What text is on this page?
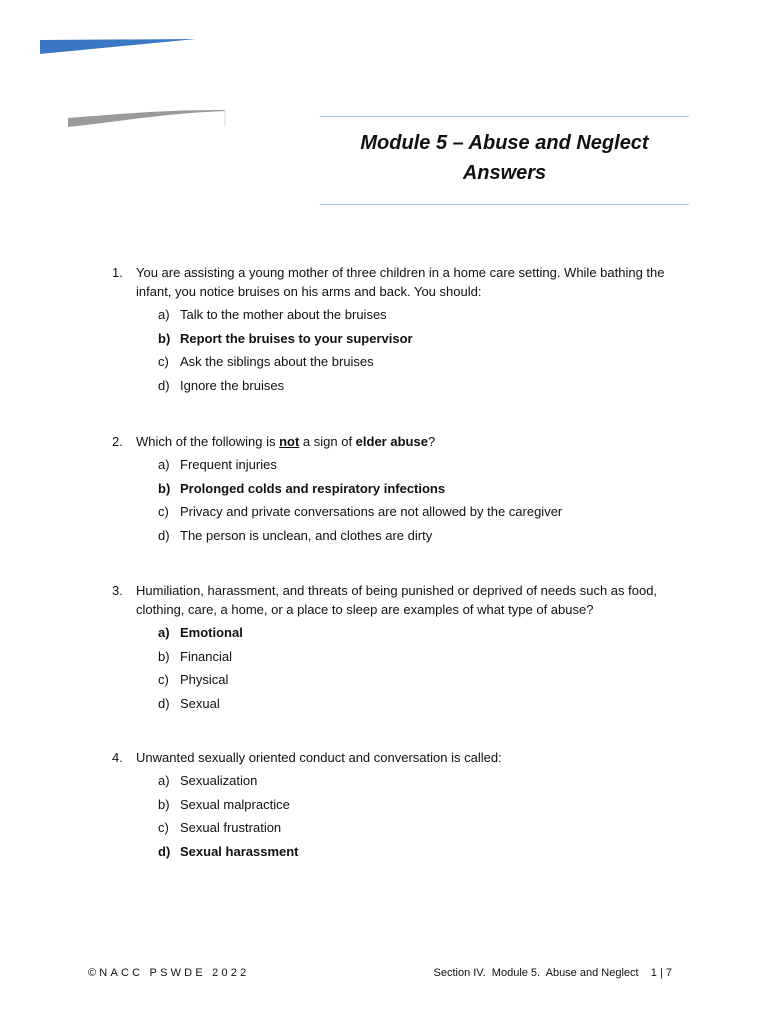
Module 5 – Abuse and Neglect
Answers
1. You are assisting a young mother of three children in a home care setting. While bathing the infant, you notice bruises on his arms and back. You should:
a) Talk to the mother about the bruises
b) Report the bruises to your supervisor
c) Ask the siblings about the bruises
d) Ignore the bruises
2. Which of the following is not a sign of elder abuse?
a) Frequent injuries
b) Prolonged colds and respiratory infections
c) Privacy and private conversations are not allowed by the caregiver
d) The person is unclean, and clothes are dirty
3. Humiliation, harassment, and threats of being punished or deprived of needs such as food, clothing, care, a home, or a place to sleep are examples of what type of abuse?
a) Emotional
b) Financial
c) Physical
d) Sexual
4. Unwanted sexually oriented conduct and conversation is called:
a) Sexualization
b) Sexual malpractice
c) Sexual frustration
d) Sexual harassment
©NACC PSWDE 2022	Section IV.  Module 5.  Abuse and Neglect    1 | 7
